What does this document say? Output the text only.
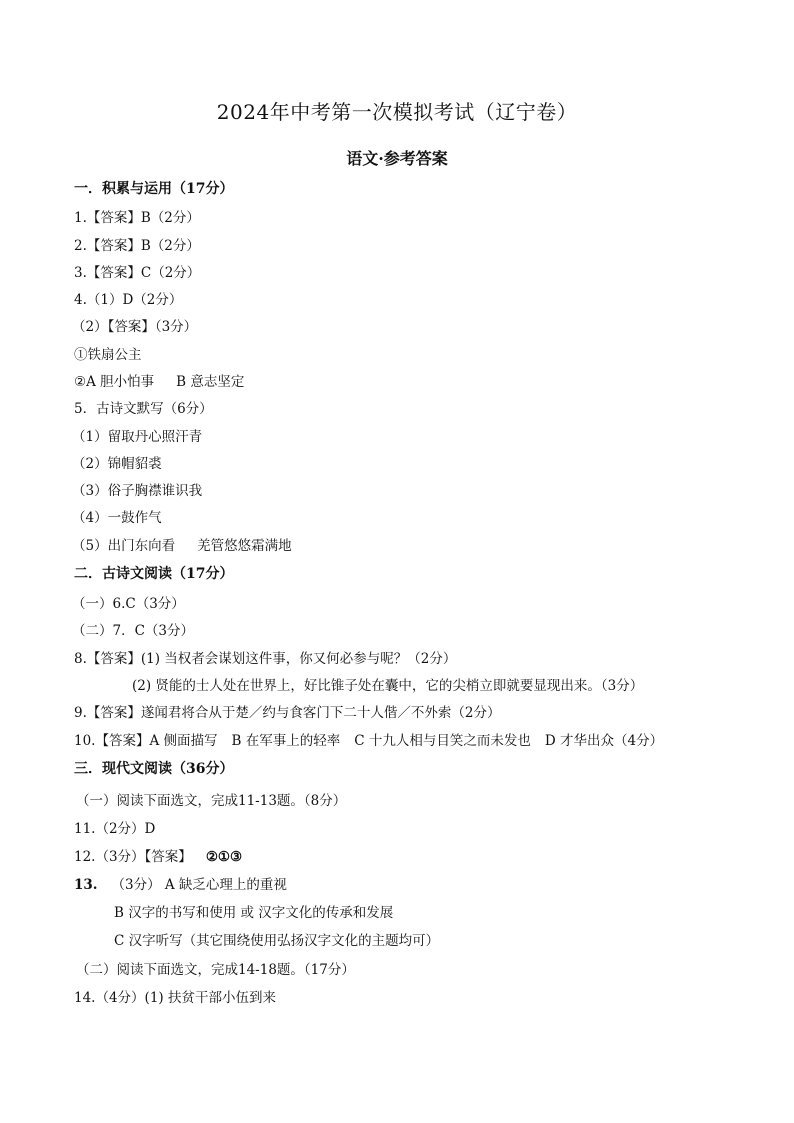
2024年中考第一次模拟考试（辽宁卷）
语文·参考答案
一．积累与运用（17分）
1.【答案】B（2分）
2.【答案】B（2分）
3.【答案】C（2分）
4.（1）D（2分）
（2）【答案】（3分）
①铁扇公主
②A 胆小怕事 B 意志坚定
5．古诗文默写（6分）
（1）留取丹心照汗青
（2）锦帽貂裘
（3）俗子胸襟谁识我
（4）一鼓作气
（5）出门东向看 羌管悠悠霜满地
二．古诗文阅读（17分）
（一）6.C（3分）
（二）7．C（3分）
8.【答案】(1) 当权者会谋划这件事，你又何必参与呢？（2分）
(2) 贤能的士人处在世界上，好比锥子处在囊中，它的尖梢立即就要显现出来。（3分）
9.【答案】遂闻君将合从于楚／约与食客门下二十人偕／不外索（2分）
10.【答案】A 侧面描写 B 在军事上的轻率 C 十九人相与目笑之而未发也 D 才华出众（4分）
三．现代文阅读（36分）
（一）阅读下面选文，完成11-13题。（8分）
11.（2分）D
12.（3分）【答案】 ②①③
13. （3分） A 缺乏心理上的重视
B 汉字的书写和使用 或 汉字文化的传承和发展
C 汉字听写（其它围绕使用弘扬汉字文化的主题均可）
（二）阅读下面选文，完成14-18题。（17分）
14.（4分）(1) 扶贫干部小伍到来
